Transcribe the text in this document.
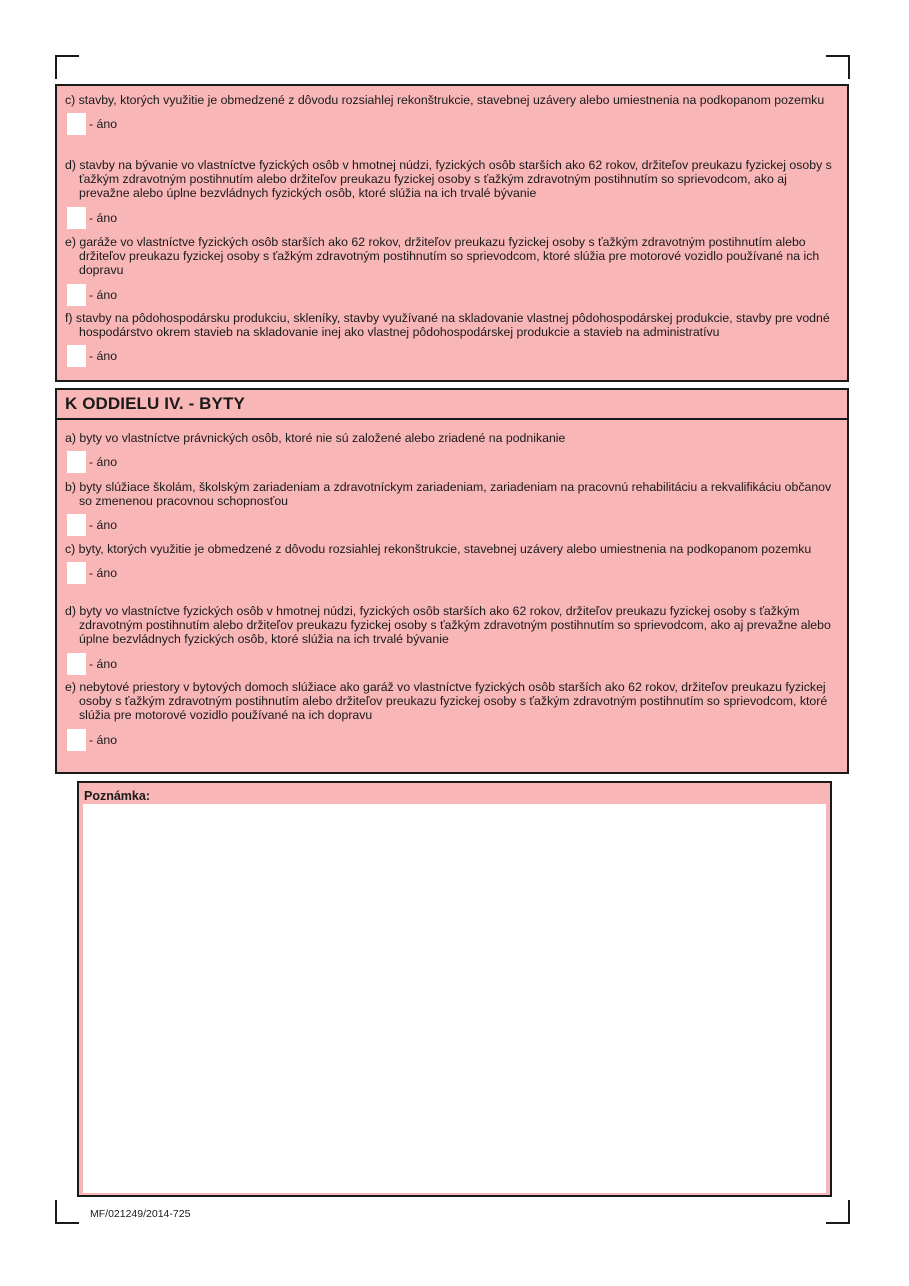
c) stavby, ktorých využitie je obmedzené z dôvodu rozsiahlej rekonštrukcie, stavebnej uzávery alebo umiestnenia na podkopanom pozemku
- áno
d) stavby na bývanie vo vlastníctve fyzických osôb v hmotnej núdzi, fyzických osôb starších ako 62 rokov, držiteľov preukazu fyzickej osoby s ťažkým zdravotným postihnutím alebo držiteľov preukazu fyzickej osoby s ťažkým zdravotným postihnutím so sprievodcom, ako aj prevažne alebo úplne bezvládnych fyzických osôb, ktoré slúžia na ich trvalé bývanie
- áno
e) garáže vo vlastníctve fyzických osôb starších ako 62 rokov, držiteľov preukazu fyzickej osoby s ťažkým zdravotným postihnutím alebo držiteľov preukazu fyzickej osoby s ťažkým zdravotným postihnutím so sprievodcom, ktoré slúžia pre motorové vozidlo používané na ich dopravu
- áno
f) stavby na pôdohospodársku produkciu, skleníky, stavby využívané na skladovanie vlastnej pôdohospodárskej produkcie, stavby pre vodné hospodárstvo okrem stavieb na skladovanie inej ako vlastnej pôdohospodárskej produkcie a stavieb na administratívu
- áno
K ODDIELU IV. - BYTY
a) byty vo vlastníctve právnických osôb, ktoré nie sú založené alebo zriadené na podnikanie
- áno
b) byty slúžiace školám, školským zariadeniam a zdravotníckym zariadeniam, zariadeniam na pracovnú rehabilitáciu a rekvalifikáciu občanov so zmenenou pracovnou schopnosťou
- áno
c) byty, ktorých využitie je obmedzené z dôvodu rozsiahlej rekonštrukcie, stavebnej uzávery alebo umiestnenia na podkopanom pozemku
- áno
d) byty vo vlastníctve fyzických osôb v hmotnej núdzi, fyzických osôb starších ako 62 rokov, držiteľov preukazu fyzickej osoby s ťažkým zdravotným postihnutím alebo držiteľov preukazu fyzickej osoby s ťažkým zdravotným postihnutím so sprievodcom, ako aj prevažne alebo úplne bezvládnych fyzických osôb, ktoré slúžia na ich trvalé bývanie
- áno
e) nebytové priestory v bytových domoch slúžiace ako garáž vo vlastníctve fyzických osôb starších ako 62 rokov, držiteľov preukazu fyzickej osoby s ťažkým zdravotným postihnutím alebo držiteľov preukazu fyzickej osoby s ťažkým zdravotným postihnutím so sprievodcom, ktoré slúžia pre motorové vozidlo používané na ich dopravu
- áno
Poznámka:
MF/021249/2014-725
